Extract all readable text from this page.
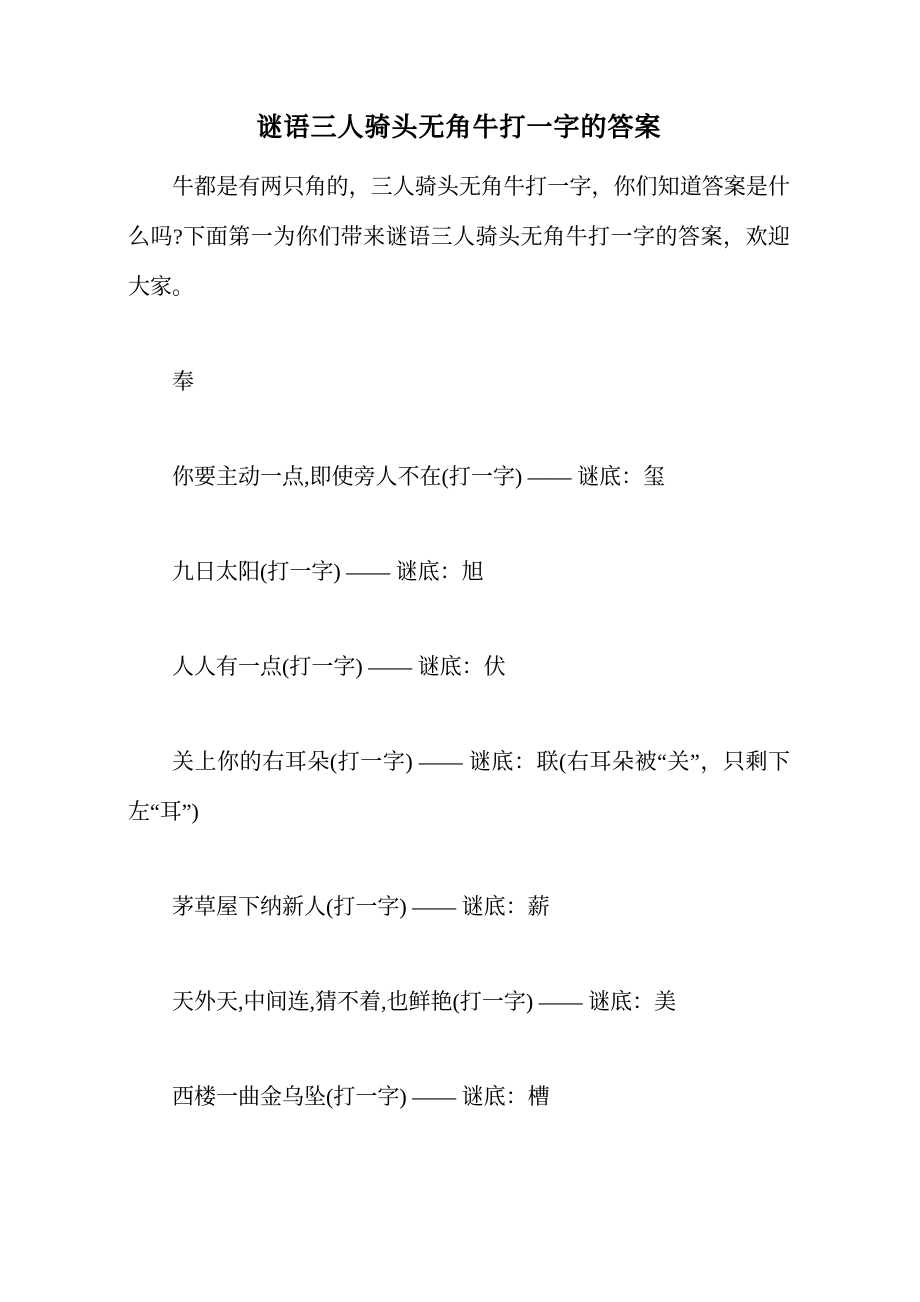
谜语三人骑头无角牛打一字的答案

牛都是有两只角的，三人骑头无角牛打一字，你们知道答案是什么吗?下面第一为你们带来谜语三人骑头无角牛打一字的答案，欢迎大家。

奉

你要主动一点,即使旁人不在(打一字) —— 谜底：玺

九日太阳(打一字) —— 谜底：旭

人人有一点(打一字) —— 谜底：伏

关上你的右耳朵(打一字) —— 谜底：联(右耳朵被“关”，只剩下左“耳”)

茅草屋下纳新人(打一字) —— 谜底：薪

天外天,中间连,猜不着,也鲜艳(打一字) —— 谜底：美

西楼一曲金乌坠(打一字) —— 谜底：槽
